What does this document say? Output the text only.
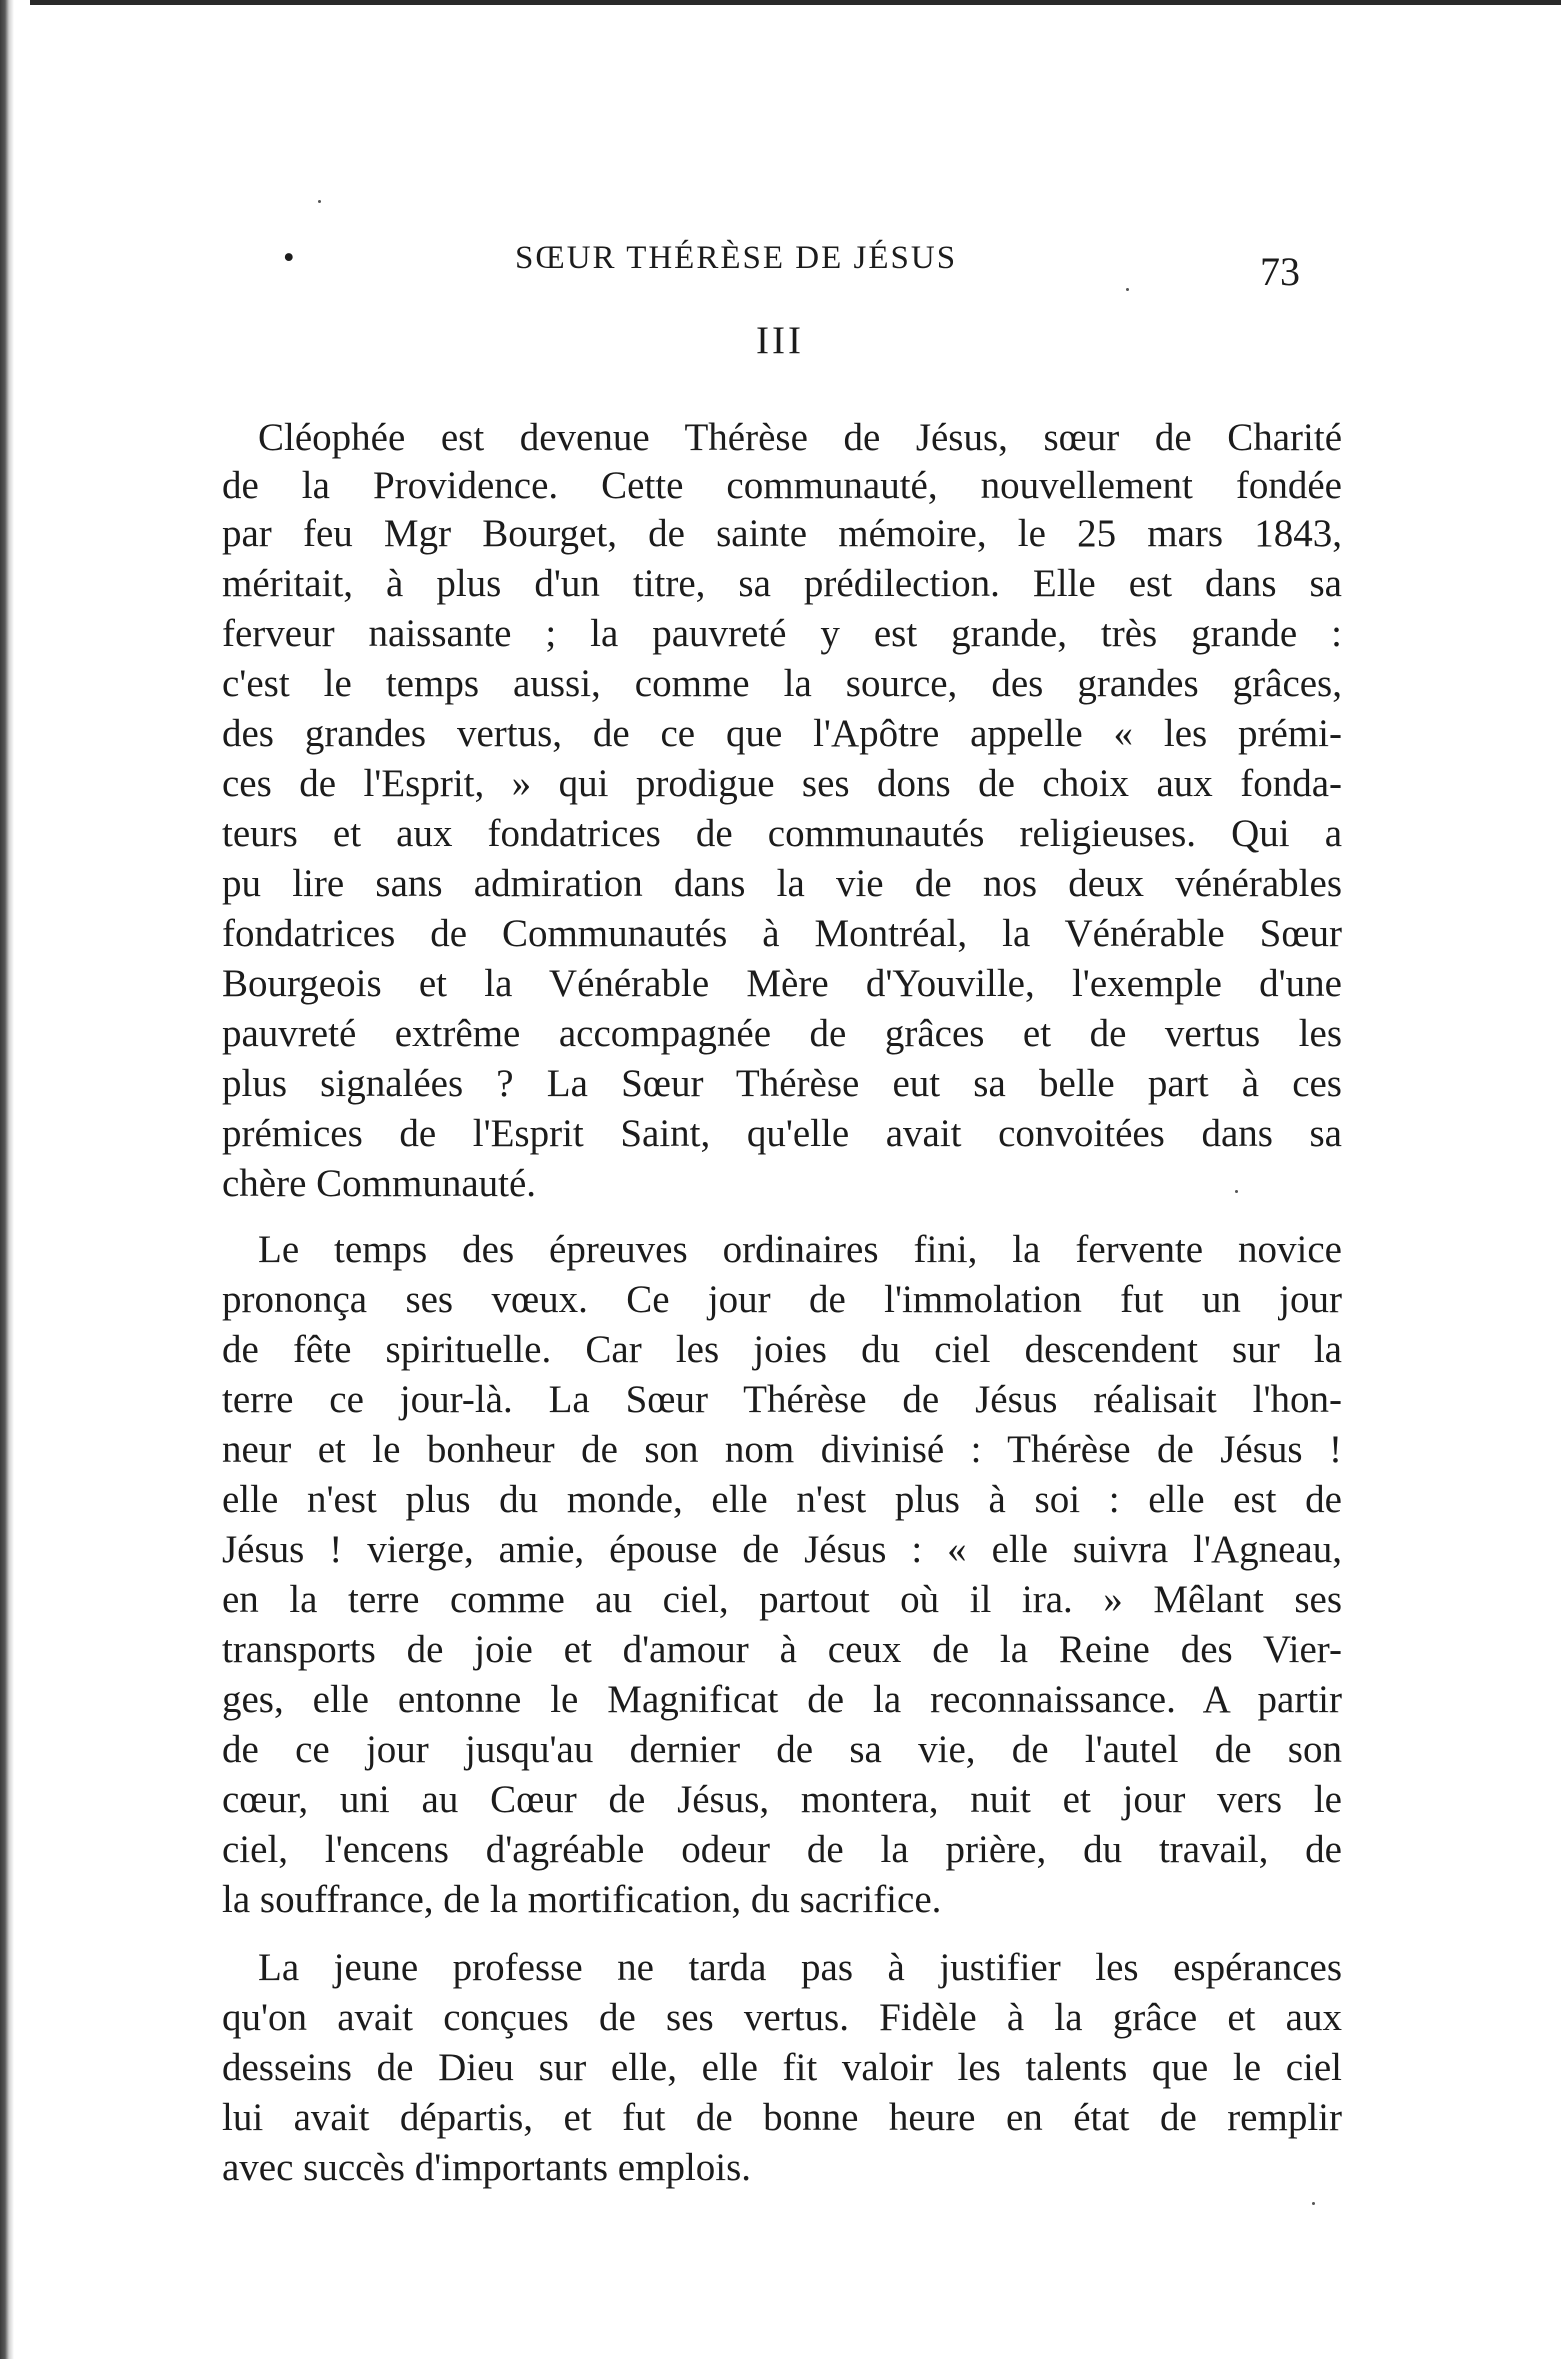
•	SŒUR THÉRÈSE DE JÉSUS	73
III
Cléophée est devenue Thérèse de Jésus, sœur de Charité
de la Providence. Cette communauté, nouvellement fondée
par feu Mgr Bourget, de sainte mémoire, le 25 mars 1843,
méritait, à plus d'un titre, sa prédilection. Elle est dans sa
ferveur naissante ; la pauvreté y est grande, très grande :
c'est le temps aussi, comme la source, des grandes grâces,
des grandes vertus, de ce que l'Apôtre appelle « les prémi-
ces de l'Esprit, » qui prodigue ses dons de choix aux fonda-
teurs et aux fondatrices de communautés religieuses. Qui a
pu lire sans admiration dans la vie de nos deux vénérables
fondatrices de Communautés à Montréal, la Vénérable Sœur
Bourgeois et la Vénérable Mère d'Youville, l'exemple d'une
pauvreté extrême accompagnée de grâces et de vertus les
plus signalées ? La Sœur Thérèse eut sa belle part à ces
prémices de l'Esprit Saint, qu'elle avait convoitées dans sa
chère Communauté.
Le temps des épreuves ordinaires fini, la fervente novice
prononça ses vœux. Ce jour de l'immolation fut un jour
de fête spirituelle. Car les joies du ciel descendent sur la
terre ce jour-là. La Sœur Thérèse de Jésus réalisait l'hon-
neur et le bonheur de son nom divinisé : Thérèse de Jésus !
elle n'est plus du monde, elle n'est plus à soi : elle est de
Jésus ! vierge, amie, épouse de Jésus : « elle suivra l'Agneau,
en la terre comme au ciel, partout où il ira. » Mêlant ses
transports de joie et d'amour à ceux de la Reine des Vier-
ges, elle entonne le Magnificat de la reconnaissance. A partir
de ce jour jusqu'au dernier de sa vie, de l'autel de son
cœur, uni au Cœur de Jésus, montera, nuit et jour vers le
ciel, l'encens d'agréable odeur de la prière, du travail, de
la souffrance, de la mortification, du sacrifice.
La jeune professe ne tarda pas à justifier les espérances
qu'on avait conçues de ses vertus. Fidèle à la grâce et aux
desseins de Dieu sur elle, elle fit valoir les talents que le ciel
lui avait départis, et fut de bonne heure en état de remplir
avec succès d'importants emplois.
